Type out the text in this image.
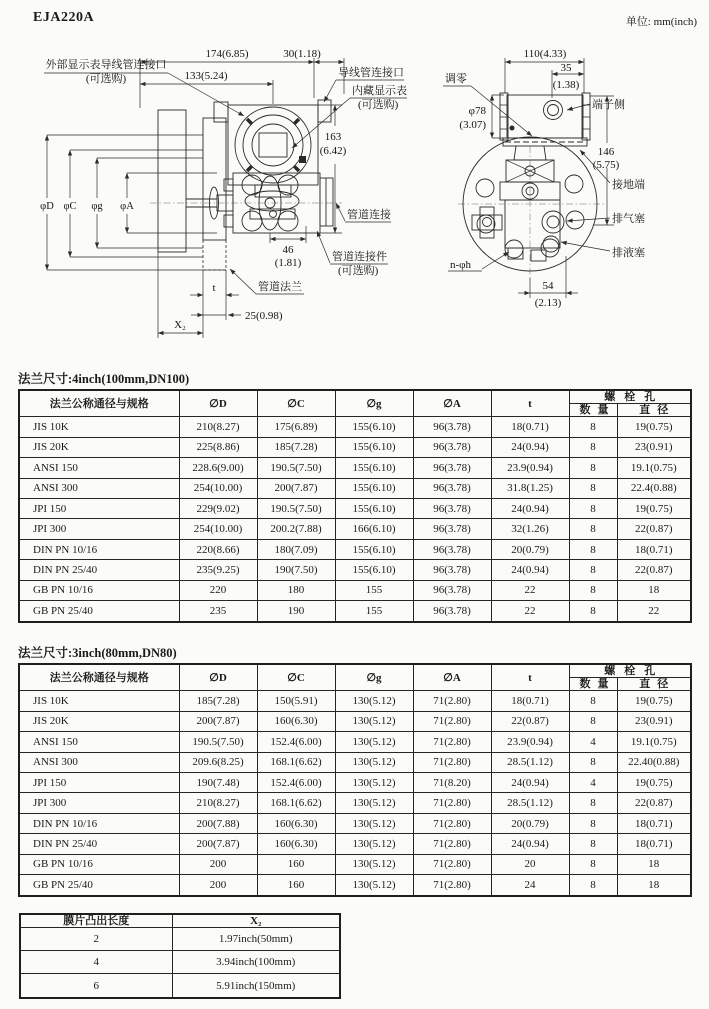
EJA220A	单位: mm(inch)
174(6.85)	30(1.18)
133(5.24)
163
(6.42)
46
(1.81)
φD φC φg φA
t
25(0.98)
X₂
外部显示表导线管连接口
(可选购)	导线管连接口
内藏显示表
(可选购)
管道连接
管道连接件
(可选购)
管道法兰
110(4.33)
35
(1.38)
φ78
(3.07)
146
(5.75)
54
(2.13)
调零
端子侧
接地端
排气塞
排液塞
n-φh
法兰尺寸:4inch(100mm,DN100)
法兰公称通径与规格	∅D	∅C	∅g	∅A	t	螺栓孔	
						数量	直径
JIS 10K	210(8.27)	175(6.89)	155(6.10)	96(3.78)	18(0.71)	8	19(0.75)
JIS 20K	225(8.86)	185(7.28)	155(6.10)	96(3.78)	24(0.94)	8	23(0.91)
ANSI 150	228.6(9.00)	190.5(7.50)	155(6.10)	96(3.78)	23.9(0.94)	8	19.1(0.75)
ANSI 300	254(10.00)	200(7.87)	155(6.10)	96(3.78)	31.8(1.25)	8	22.4(0.88)
JPI 150	229(9.02)	190.5(7.50)	155(6.10)	96(3.78)	24(0.94)	8	19(0.75)
JPI 300	254(10.00)	200.2(7.88)	166(6.10)	96(3.78)	32(1.26)	8	22(0.87)
DIN PN 10/16	220(8.66)	180(7.09)	155(6.10)	96(3.78)	20(0.79)	8	18(0.71)
DIN PN 25/40	235(9.25)	190(7.50)	155(6.10)	96(3.78)	24(0.94)	8	22(0.87)
GB PN 10/16	220	180	155	96(3.78)	22	8	18
GB PN 25/40	235	190	155	96(3.78)	22	8	22
法兰尺寸:3inch(80mm,DN80)
法兰公称通径与规格	∅D	∅C	∅g	∅A	t	螺栓孔	
						数量	直径
JIS 10K	185(7.28)	150(5.91)	130(5.12)	71(2.80)	18(0.71)	8	19(0.75)
JIS 20K	200(7.87)	160(6.30)	130(5.12)	71(2.80)	22(0.87)	8	23(0.91)
ANSI 150	190.5(7.50)	152.4(6.00)	130(5.12)	71(2.80)	23.9(0.94)	4	19.1(0.75)
ANSI 300	209.6(8.25)	168.1(6.62)	130(5.12)	71(2.80)	28.5(1.12)	8	22.40(0.88)
JPI 150	190(7.48)	152.4(6.00)	130(5.12)	71(8.20)	24(0.94)	4	19(0.75)
JPI 300	210(8.27)	168.1(6.62)	130(5.12)	71(2.80)	28.5(1.12)	8	22(0.87)
DIN PN 10/16	200(7.88)	160(6.30)	130(5.12)	71(2.80)	20(0.79)	8	18(0.71)
DIN PN 25/40	200(7.87)	160(6.30)	130(5.12)	71(2.80)	24(0.94)	8	18(0.71)
GB PN 10/16	200	160	130(5.12)	71(2.80)	20	8	18
GB PN 25/40	200	160	130(5.12)	71(2.80)	24	8	18
膜片凸出长度	X₂
2	1.97inch(50mm)
4	3.94inch(100mm)
6	5.91inch(150mm)
